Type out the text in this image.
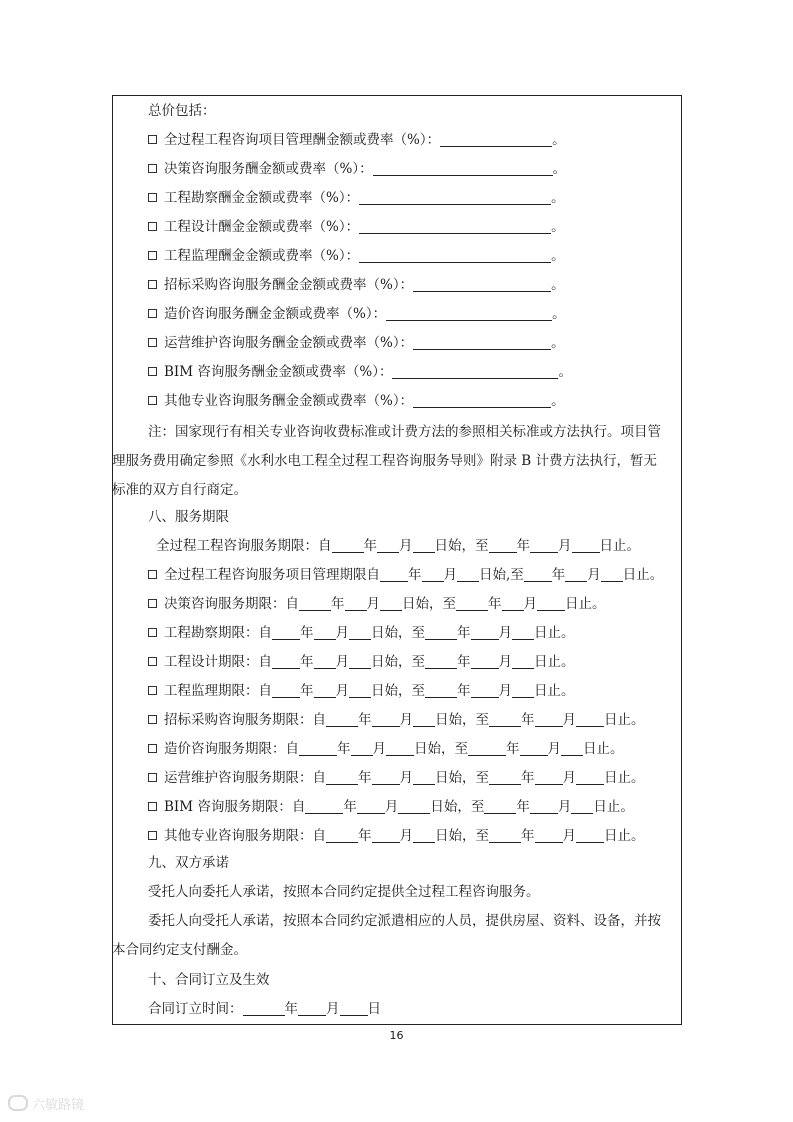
总价包括：
全过程工程咨询项目管理酬金额或费率（%）：	。
决策咨询服务酬金额或费率（%）：	。
工程勘察酬金金额或费率（%）：	。
工程设计酬金金额或费率（%）：	。
工程监理酬金金额或费率（%）：	。
招标采购咨询服务酬金金额或费率（%）：	。
造价咨询服务酬金金额或费率（%）：	。
运营维护咨询服务酬金金额或费率（%）：	。
BIM 咨询服务酬金金额或费率（%）：	。
其他专业咨询服务酬金金额或费率（%）：	。
注：国家现行有相关专业咨询收费标准或计费方法的参照相关标准或方法执行。项目管
理服务费用确定参照《水利水电工程全过程工程咨询服务导则》附录 B 计费方法执行，暂无
标准的双方自行商定。
八、服务期限
全过程工程咨询服务期限：自 年 月 日始，至 年 月 日止。
全过程工程咨询服务项目管理期限自 年 月 日始,至 年 月 日止。
决策咨询服务期限：自 年 月 日始，至 年 月 日止。
工程勘察期限：自 年 月 日始，至 年 月 日止。
工程设计期限：自 年 月 日始，至 年 月 日止。
工程监理期限：自 年 月 日始，至 年 月 日止。
招标采购咨询服务期限：自 年 月 日始，至 年 月 日止。
造价咨询服务期限：自	年 月 日始，至	年 月 日止。
运营维护咨询服务期限：自 年 月 日始，至 年 月 日止。
BIM 咨询服务期限：自	年 月 日始，至 年 月 日止。
其他专业咨询服务期限：自 年 月 日始，至 年 月 日止。
九、双方承诺
受托人向委托人承诺，按照本合同约定提供全过程工程咨询服务。
委托人向受托人承诺，按照本合同约定派遣相应的人员，提供房屋、资料、设备，并按
本合同约定支付酬金。
十、合同订立及生效
合同订立时间：	年 月 日
16
六敏路镜
